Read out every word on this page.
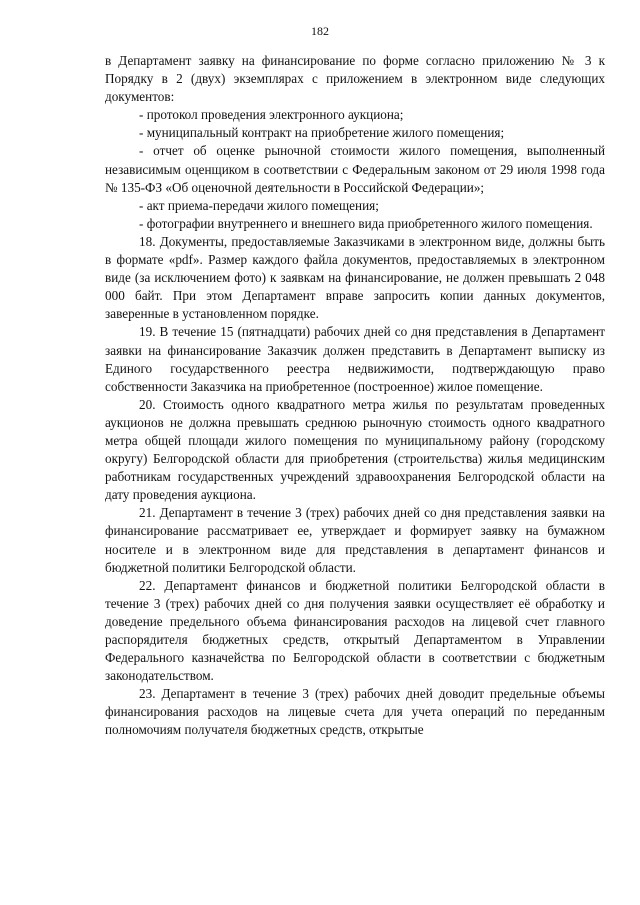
182

в Департамент заявку на финансирование по форме согласно приложению № 3 к Порядку в 2 (двух) экземплярах с приложением в электронном виде следующих документов:

- протокол проведения электронного аукциона;

- муниципальный контракт на приобретение жилого помещения;

- отчет об оценке рыночной стоимости жилого помещения, выполненный независимым оценщиком в соответствии с Федеральным законом от 29 июля 1998 года № 135-ФЗ «Об оценочной деятельности в Российской Федерации»;

- акт приема-передачи жилого помещения;

- фотографии внутреннего и внешнего вида приобретенного жилого помещения.

18. Документы, предоставляемые Заказчиками в электронном виде, должны быть в формате «pdf». Размер каждого файла документов, предоставляемых в электронном виде (за исключением фото) к заявкам на финансирование, не должен превышать 2 048 000 байт. При этом Департамент вправе запросить копии данных документов, заверенные в установленном порядке.

19. В течение 15 (пятнадцати) рабочих дней со дня представления в Департамент заявки на финансирование Заказчик должен представить в Департамент выписку из Единого государственного реестра недвижимости, подтверждающую право собственности Заказчика на приобретенное (построенное) жилое помещение.

20. Стоимость одного квадратного метра жилья по результатам проведенных аукционов не должна превышать среднюю рыночную стоимость одного квадратного метра общей площади жилого помещения по муниципальному району (городскому округу) Белгородской области для приобретения (строительства) жилья медицинским работникам государственных учреждений здравоохранения Белгородской области на дату проведения аукциона.

21. Департамент в течение 3 (трех) рабочих дней со дня представления заявки на финансирование рассматривает ее, утверждает и формирует заявку на бумажном носителе и в электронном виде для представления в департамент финансов и бюджетной политики Белгородской области.

22. Департамент финансов и бюджетной политики Белгородской области в течение 3 (трех) рабочих дней со дня получения заявки осуществляет её обработку и доведение предельного объема финансирования расходов на лицевой счет главного распорядителя бюджетных средств, открытый Департаментом в Управлении Федерального казначейства по Белгородской области в соответствии с бюджетным законодательством.

23. Департамент в течение 3 (трех) рабочих дней доводит предельные объемы финансирования расходов на лицевые счета для учета операций по переданным полномочиям получателя бюджетных средств, открытые
